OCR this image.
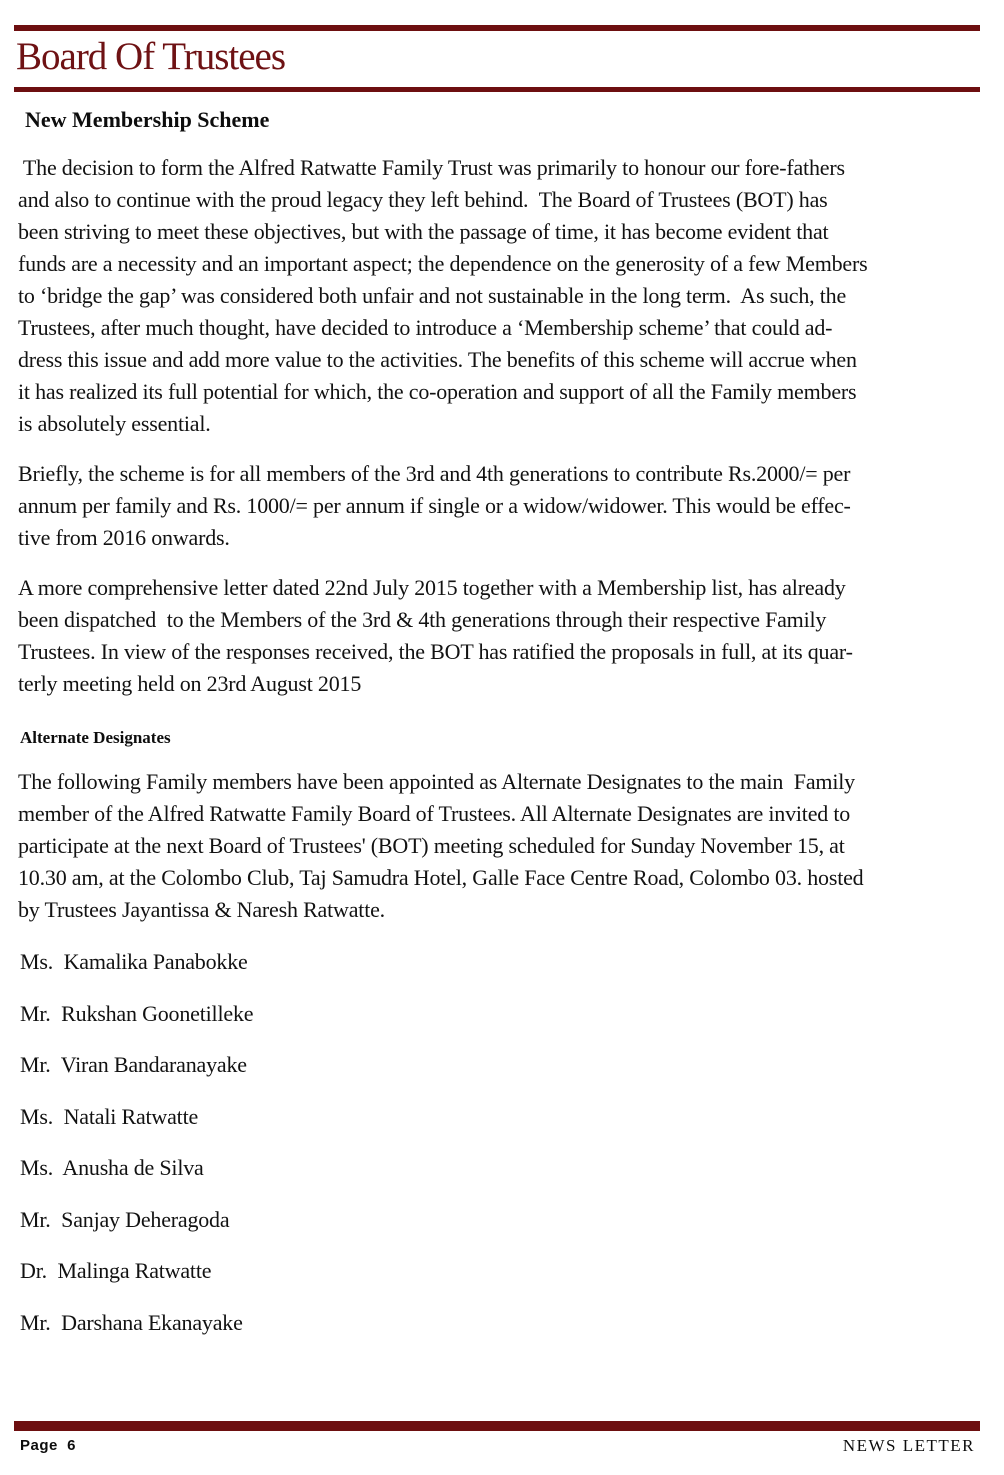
Board Of Trustees
New Membership Scheme
The decision to form the Alfred Ratwatte Family Trust was primarily to honour our fore-fathers
and also to continue with the proud legacy they left behind.  The Board of Trustees (BOT) has
been striving to meet these objectives, but with the passage of time, it has become evident that
funds are a necessity and an important aspect; the dependence on the generosity of a few Members
to ‘bridge the gap’ was considered both unfair and not sustainable in the long term.  As such, the
Trustees, after much thought, have decided to introduce a ‘Membership scheme’ that could ad-
dress this issue and add more value to the activities. The benefits of this scheme will accrue when
it has realized its full potential for which, the co-operation and support of all the Family members
is absolutely essential.
Briefly, the scheme is for all members of the 3rd and 4th generations to contribute Rs.2000/= per
annum per family and Rs. 1000/= per annum if single or a widow/widower. This would be effec-
tive from 2016 onwards.
A more comprehensive letter dated 22nd July 2015 together with a Membership list, has already
been dispatched  to the Members of the 3rd & 4th generations through their respective Family
Trustees. In view of the responses received, the BOT has ratified the proposals in full, at its quar-
terly meeting held on 23rd August 2015
Alternate Designates
The following Family members have been appointed as Alternate Designates to the main  Family
member of the Alfred Ratwatte Family Board of Trustees. All Alternate Designates are invited to
participate at the next Board of Trustees' (BOT) meeting scheduled for Sunday November 15, at
10.30 am, at the Colombo Club, Taj Samudra Hotel, Galle Face Centre Road, Colombo 03. hosted
by Trustees Jayantissa & Naresh Ratwatte.
Ms.  Kamalika Panabokke
Mr.  Rukshan Goonetilleke
Mr.  Viran Bandaranayake
Ms.  Natali Ratwatte
Ms.  Anusha de Silva
Mr.  Sanjay Deheragoda
Dr.  Malinga Ratwatte
Mr.  Darshana Ekanayake
Page  6	NEWS LETTER
